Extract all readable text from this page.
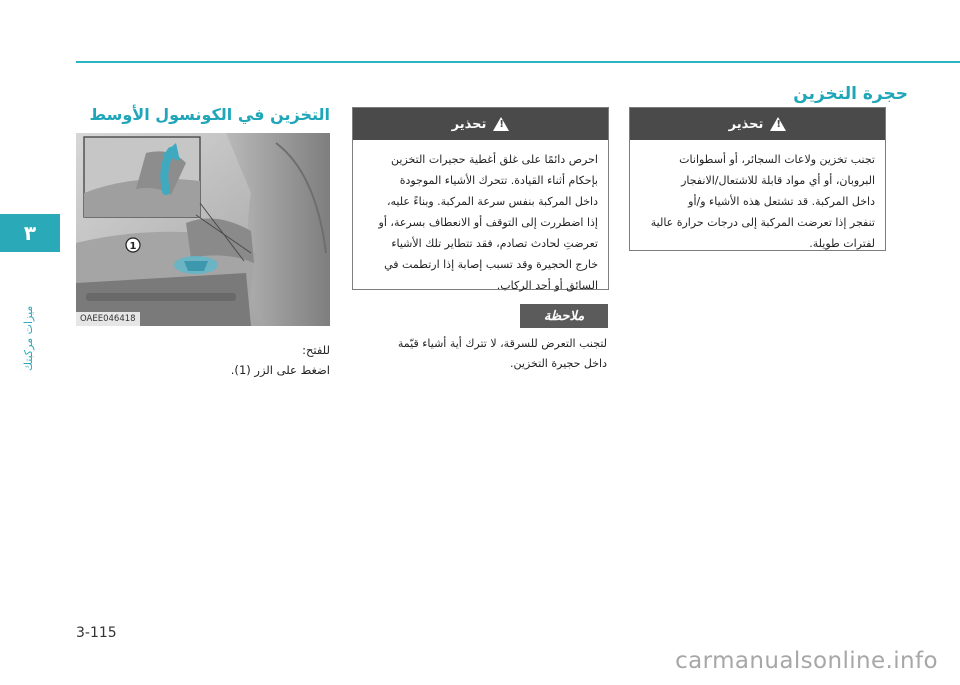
٣
ميزات مركبتك
حجرة التخزين
!
تحذير
تجنب تخزين ولاعات السجائر، أو أسطوانات
البروبان، أو أي مواد قابلة للاشتعال/الانفجار
داخل المركبة. قد تشتعل هذه الأشياء و/أو
تنفجر إذا تعرضت المركبة إلى درجات حرارة عالية
لفترات طويلة.
!
تحذير
احرص دائمًا على غلق أغطية حجيرات التخزين
بإحكام أثناء القيادة. تتحرك الأشياء الموجودة
داخل المركبة بنفس سرعة المركبة. وبناءً عليه،
إذا اضطررت إلى التوقف أو الانعطاف بسرعة، أو
تعرضتِ لحادث تصادم، فقد تتطاير تلك الأشياء
خارج الحجيرة وقد تسبب إصابة إذا ارتطمت في
السائق أو أحد الركاب.
ملاحظة
لتجنب التعرض للسرقة، لا تترك أية أشياء قيّمة
داخل حجيرة التخزين.
التخزين في الكونسول الأوسط
1
OAEE046418
للفتح:
اضغط على الزر (1).
3-115
carmanualsonline.info
